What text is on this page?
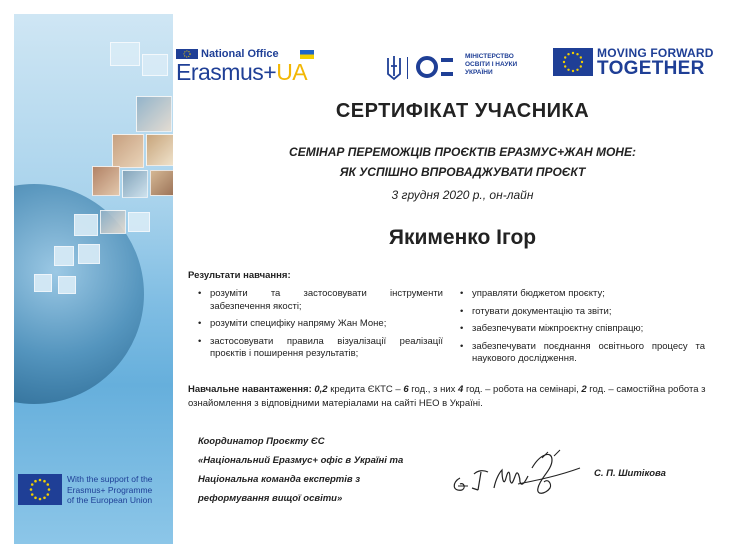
With the support of the
Erasmus+ Programme
of the European Union
National Office
Erasmus+UA
МІНІСТЕРСТВО
ОСВІТИ І НАУКИ
УКРАЇНИ
MOVING FORWARD
TOGETHER
СЕРТИФІКАТ УЧАСНИКА
СЕМІНАР ПЕРЕМОЖЦІВ ПРОЄКТІВ ЕРАЗМУС+ЖАН МОНЕ:
ЯК УСПІШНО ВПРОВАДЖУВАТИ ПРОЄКТ
3 грудня 2020 р., он-лайн
Якименко Ігор
Результати навчання:
• розуміти та застосовувати інструменти забезпечення якості;
• розуміти специфіку напряму Жан Моне;
• застосовувати правила візуалізації реалізації проєктів і поширення результатів;
• управляти бюджетом проєкту;
• готувати документацію та звіти;
• забезпечувати міжпроєктну співпрацю;
• забезпечувати поєднання освітнього процесу та наукового дослідження.
Навчальне навантаження: 0,2 кредита ЄКТС – 6 год., з них 4 год. – робота на семінарі, 2 год. – самостійна робота з ознайомлення з відповідними матеріалами на сайті НЕО в Україні.
Координатор Проєкту ЄС
«Національний Еразмус+ офіс в Україні та
Національна команда експертів з
реформування вищої освіти»
С. П. Шитікова
